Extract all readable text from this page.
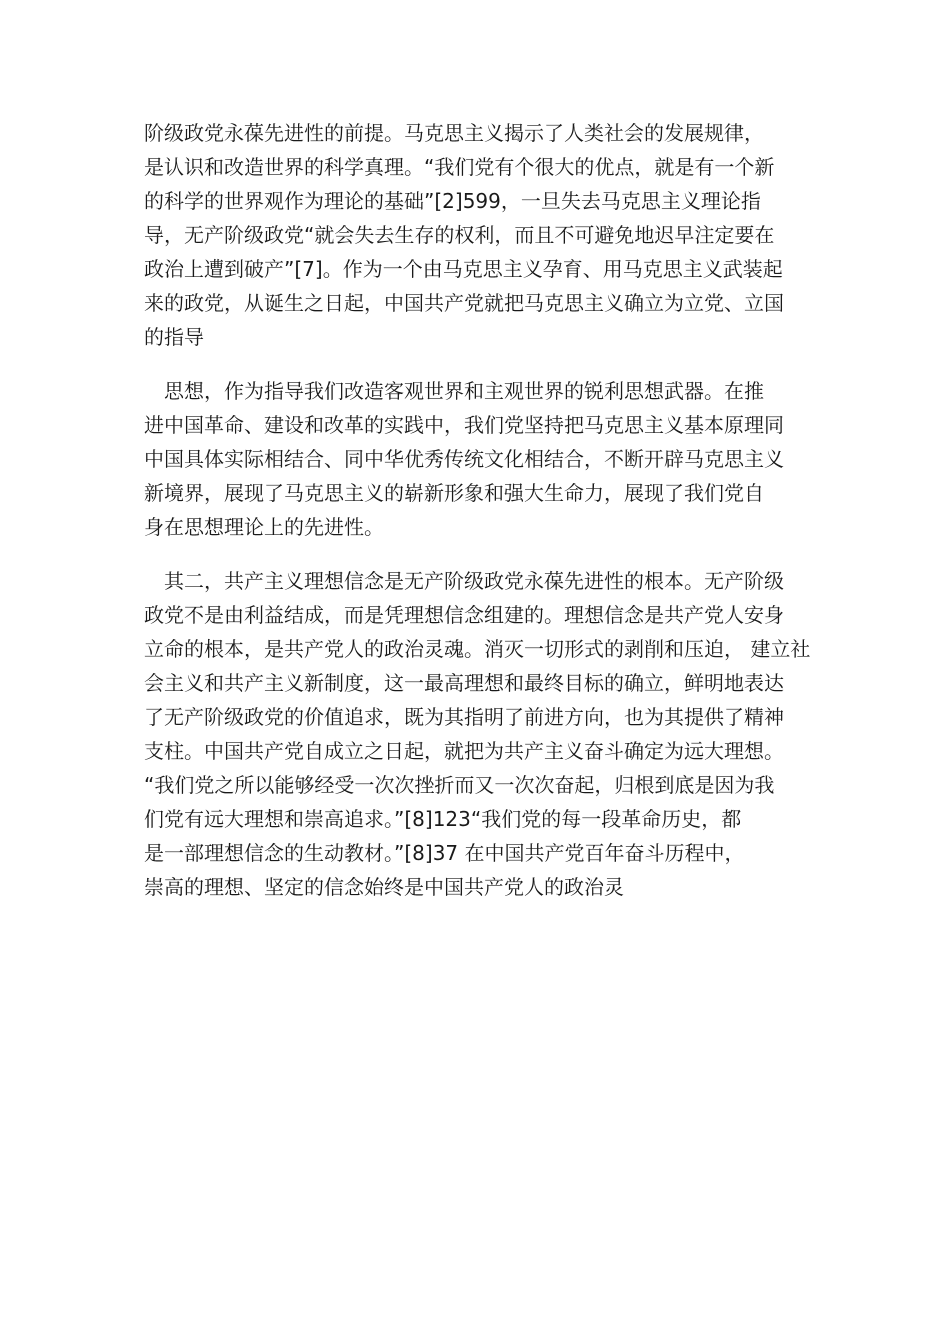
阶级政党永葆先进性的前提。马克思主义揭示了人类社会的发展规律，
是认识和改造世界的科学真理。“我们党有个很大的优点，就是有一个新
的科学的世界观作为理论的基础”[2]599，一旦失去马克思主义理论指
导，无产阶级政党“就会失去生存的权利，而且不可避免地迟早注定要在
政治上遭到破产”[7]。作为一个由马克思主义孕育、用马克思主义武装起
来的政党，从诞生之日起，中国共产党就把马克思主义确立为立党、立国
的指导
　思想，作为指导我们改造客观世界和主观世界的锐利思想武器。在推
进中国革命、建设和改革的实践中，我们党坚持把马克思主义基本原理同
中国具体实际相结合、同中华优秀传统文化相结合，不断开辟马克思主义
新境界，展现了马克思主义的崭新形象和强大生命力，展现了我们党自
身在思想理论上的先进性。
　其二，共产主义理想信念是无产阶级政党永葆先进性的根本。无产阶级
政党不是由利益结成，而是凭理想信念组建的。理想信念是共产党人安身
立命的根本，是共产党人的政治灵魂。消灭一切形式的剥削和压迫， 建立社
会主义和共产主义新制度，这一最高理想和最终目标的确立，鲜明地表达
了无产阶级政党的价值追求，既为其指明了前进方向，也为其提供了精神
支柱。中国共产党自成立之日起，就把为共产主义奋斗确定为远大理想。
“我们党之所以能够经受一次次挫折而又一次次奋起，归根到底是因为我
们党有远大理想和崇高追求。”[8]123“我们党的每一段革命历史，都
是一部理想信念的生动教材。”[8]37 在中国共产党百年奋斗历程中，
崇高的理想、坚定的信念始终是中国共产党人的政治灵
